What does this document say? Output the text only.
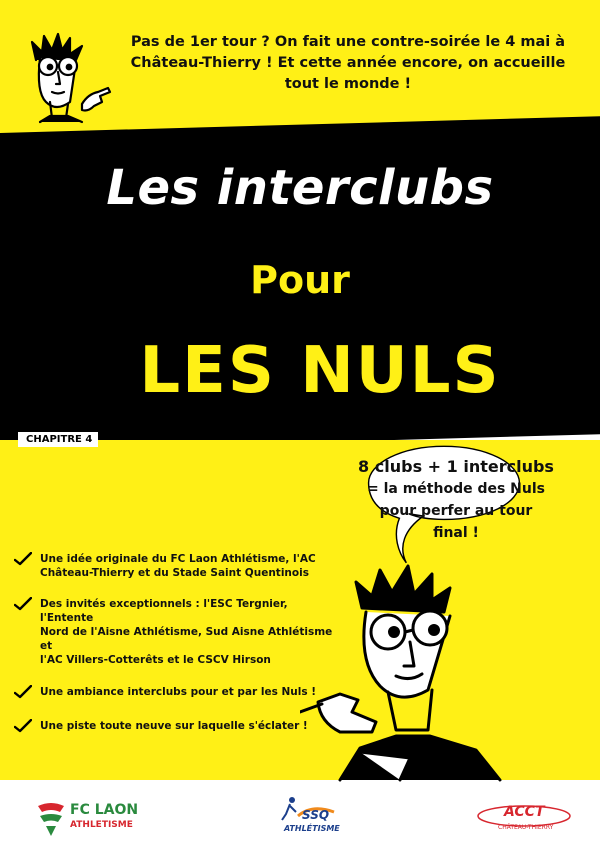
Pas de 1er tour ? On fait une contre-soirée le 4 mai à
Château-Thierry ! Et cette année encore, on accueille
tout le monde !
Les interclubs
Pour
LES NULS
CHAPITRE 4
8 clubs + 1 interclubs
= la méthode des Nuls
pour perfer au tour
final !
Une idée originale du FC Laon Athlétisme, l'AC
Château-Thierry et du Stade Saint Quentinois
Des invités exceptionnels : l'ESC Tergnier, l'Entente
Nord de l'Aisne Athlétisme, Sud Aisne Athlétisme et
l'AC Villers-Cotterêts et le CSCV Hirson
Une ambiance interclubs pour et par les Nuls !
Une piste toute neuve sur laquelle s'éclater !
FC LAON
ATHLETISME
SSQ
ATHLÉTISME
ACCT
CHÂTEAU-THIERRY
